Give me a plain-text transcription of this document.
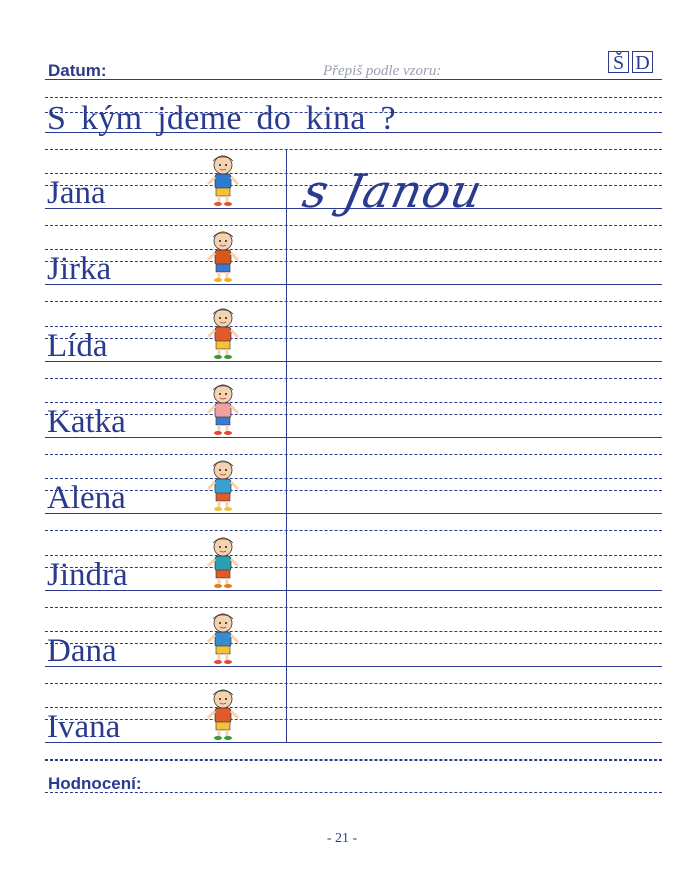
Datum:	Přepiš podle vzoru:	Š D
S kým jdeme do kina ?
Jana
Jirka
Lída
Katka
Alena
Jindra
Dana
Ivana
s Janou
Hodnocení:
- 21 -
